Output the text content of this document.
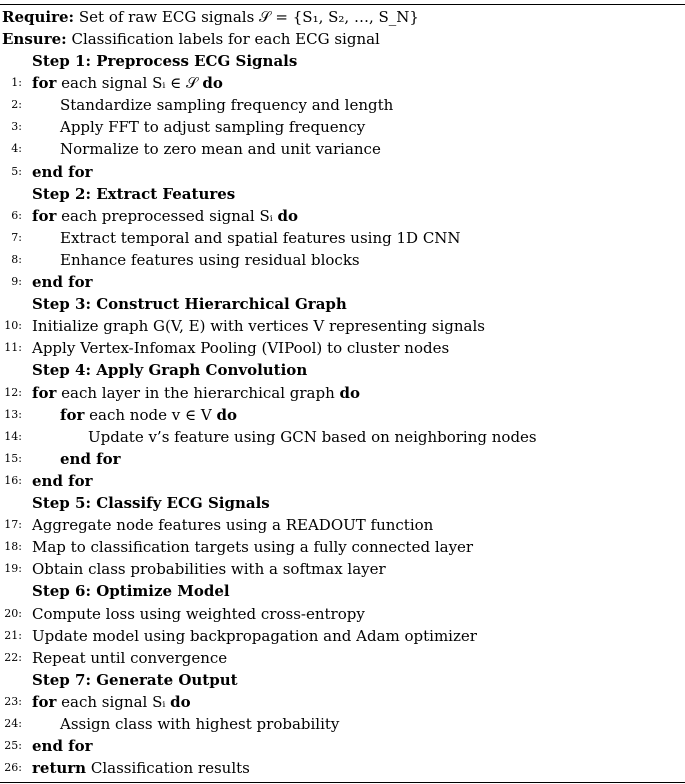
Require: Set of raw ECG signals 𝒮 = {S₁, S₂, …, S_N}
Ensure: Classification labels for each ECG signal
Step 1: Preprocess ECG Signals
1: for each signal Sᵢ ∈ 𝒮 do
2:	Standardize sampling frequency and length
3:	Apply FFT to adjust sampling frequency
4:	Normalize to zero mean and unit variance
5: end for
Step 2: Extract Features
6: for each preprocessed signal Sᵢ do
7:	Extract temporal and spatial features using 1D CNN
8:	Enhance features using residual blocks
9: end for
Step 3: Construct Hierarchical Graph
10: Initialize graph G(V, E) with vertices V representing signals
11: Apply Vertex-Infomax Pooling (VIPool) to cluster nodes
Step 4: Apply Graph Convolution
12: for each layer in the hierarchical graph do
13:	for each node v ∈ V do
14:	Update v’s feature using GCN based on neighboring nodes
15:	end for
16: end for
Step 5: Classify ECG Signals
17: Aggregate node features using a READOUT function
18: Map to classification targets using a fully connected layer
19: Obtain class probabilities with a softmax layer
Step 6: Optimize Model
20: Compute loss using weighted cross-entropy
21: Update model using backpropagation and Adam optimizer
22: Repeat until convergence
Step 7: Generate Output
23: for each signal Sᵢ do
24:	Assign class with highest probability
25: end for
26: return Classification results
